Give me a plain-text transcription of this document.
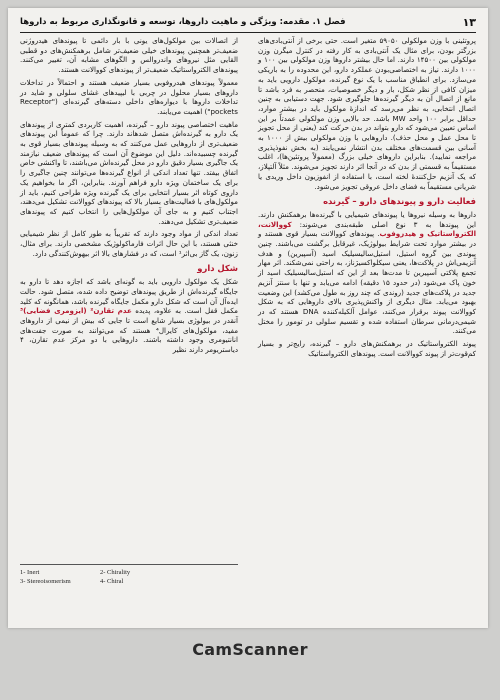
۱۳
فصل ۱. مقدمه: ویژگی و ماهیت داروها، توسعه و قانونگذاری مربوط به داروها

پروتئینی با وزن مولکولی ۵۹۰۵۰ متغیر است. حتی برخی از آنتی‌بادی‌های بزرگتر بودن، برای مثال یک آنتی‌بادی به کار رفته در کنترل میگرن وزن مولکولی بین ۱۴۵۰۰ دارند. اما حال بیشتر داروها وزن مولکولی بین ۱۰۰ و ۱۰۰۰ دارند. نیاز به اختصاصی‌بودن عملکرد دارو، این محدوده را به باریکی می‌سازد. برای انطباق مناسب با یک نوع گیرنده، مولکول دارویی باید به میزان کافی از نظر شکل، بار و دیگر خصوصیات، منحصر به فرد باشد تا مانع از اتصال آن به دیگر گیرنده‌ها جلوگیری شود. جهت دستیابی به چنین اتصال انتخابی، به نظر می‌رسد که اندازهٔ مولکول باید در بیشتر موارد، حداقل برابر ۱۰۰ واحد MW باشد. حد بالایی وزن مولکولی عمدتاً بر این اساس تعیین می‌شود که دارو بتواند در بدن حرکت کند (یعنی از محل تجویز تا محل عمل و محل حذف). داروهایی با وزن مولکولی بیش از ۱۰۰۰ به آسانی بین قسمت‌های مختلف بدن انتشار نمی‌یابند (به بخش نفوذپذیری مراجعه نمایید). بنابراین داروهای خیلی بزرگ (معمولاً پروتئین‌ها)، اغلب مستقیماً به قسمتی از بدن که در آنجا اثر دارند تجویز می‌شوند. مثلاً آلتپلاز، که یک آنزیم حل‌کنندهٔ لخته است، با استفاده از انفوزیون داخل وریدی یا شریانی مستقیماً به فضای داخل عروقی تجویز می‌شود.

فعالیت دارو و پیوندهای دارو – گیرنده

داروها به وسیله نیروها یا پیوندهای شیمیایی با گیرنده‌ها برهمکنش دارند. این پیوندها به ۳ نوع اصلی طبقه‌بندی می‌شوند: کووالانت، الکترواستاتیک و هیدروفوب. پیوندهای کووالانت بسیار قوی هستند و در بیشتر موارد تحت شرایط بیولوژیک، غیرقابل برگشت می‌باشند. چنین پیوندی بین گروه استیل، استیل‌سالیسیلیک اسید (آسپیرین) و هدف آنزیمی‌اش در پلاکت‌ها، یعنی سیکلواکسیژناز، به راحتی نمی‌شکند. اثر مهار تجمع پلاکتی آسپیرین تا مدت‌ها بعد از این که استیل‌سالیسیلیک اسید از خون پاک می‌شود (در حدود ۱۵ دقیقه) ادامه می‌یابد و تنها با سنتز آنزیم جدید در پلاکت‌های جدید (روندی که چند روز به طول می‌کشد) این وضعیت بهبود می‌یابد. مثال دیگری از واکنش‌پذیری بالای داروهایی که به شکل کووالانت پیوند برقرار می‌کنند، عوامل آلکیله‌کننده DNA هستند که در شیمی‌درمانی سرطان استفاده شده و تقسیم سلولی در تومور را مختل می‌کنند.

پیوند الکترواستاتیک در برهمکنش‌های دارو – گیرنده، رایج‌تر و بسیار کم‌قوت‌تر از پیوند کووالانت است. پیوندهای الکترواستاتیک

از اتصالات بین مولکول‌های یونی با بار دائمی تا پیوندهای هیدروژنی ضعیف‌تر همچنین پیوندهای خیلی ضعیف‌تر شامل برهمکنش‌های دو قطبی القایی مثل نیروهای واندروالس و الگوهای مشابه آن، تغییر می‌کنند. پیوندهای الکترواستاتیک ضعیف‌تر از پیوندهای کووالانت هستند.

معمولاً پیوندهای هیدروفوبی بسیار ضعیف هستند و احتمالاً در تداخلات داروهای بسیار محلول در چربی با لیپیدهای غشای سلولی و شاید در تداخلات داروها با دیواره‌های داخلی دسته‌های گیرنده‌ای ("Receptor pockets") اهمیت می‌یابند.

ماهیت اختصاصی پیوند دارو – گیرنده، اهمیت کاربردی کمتری از پیوندهای یک دارو به گیرنده‌اش متصل شدهاند دارند. چرا که عموماً این پیوندهای ضعیف‌تری از داروهایی عمل می‌کنند که به وسیله پیوندهای بسیار قوی به گیرنده چسبیده‌اند. دلیل این موضوع آن است که پیوندهای ضعیف نیازمند یک جاگیری بسیار دقیق دارو در محل گیرنده‌اش می‌باشند، تا واکنشی خاص اتفاق بیفتد. تنها تعداد اندکی از انواع گیرنده‌ها می‌توانند چنین جاگیری را برای یک ساختمان ویژه دارو فراهم آورند. بنابراین، اگر ما بخواهیم یک داروی کوتاه اثر بسیار انتخابی برای یک گیرنده ویژه طراحی کنیم، باید از مولکول‌های با فعالیت‌های بسیار بالا که پیوندهای کووالانت تشکیل می‌دهند، اجتناب کنیم و به جای آن مولکول‌هایی را انتخاب کنیم که پیوندهای ضعیف‌تری تشکیل می‌دهند.

تعداد اندکی از مواد وجود دارند که تقریباً به طور کامل از نظر شیمیایی خنثی هستند، با این حال اثرات فارماکولوژیک مشخصی دارند. برای مثال، زنون، یک گاز بی‌اثر¹ است، که در فشارهای بالا اثر بیهوش‌کنندگی دارد.

شکل دارو

شکل یک مولکول دارویی باید به گونه‌ای باشد که اجازه دهد تا دارو به جایگاه گیرنده‌اش از طریق پیوندهای توضیح داده شده، متصل شود. حالت ایده‌آل آن است که شکل دارو مکمل جایگاه گیرنده باشد، همانگونه که کلید مکمل قفل است. به علاوه، پدیده عدم تقارن² (ایزومری فضایی)³ آنقدر در بیولوژی بسیار شایع است تا جایی که بیش از نیمی از داروهای مفید، مولکول‌های کایرال⁴ هستند که می‌توانند به صورت جفت‌های انانتیومری وجود داشته باشند. داروهایی با دو مرکز عدم تقارن، ۴ دیاستریومر دارند نظیر

1- Inert	2- Chirality
3- Stereoisomerism	4- Chiral
CamScanner
